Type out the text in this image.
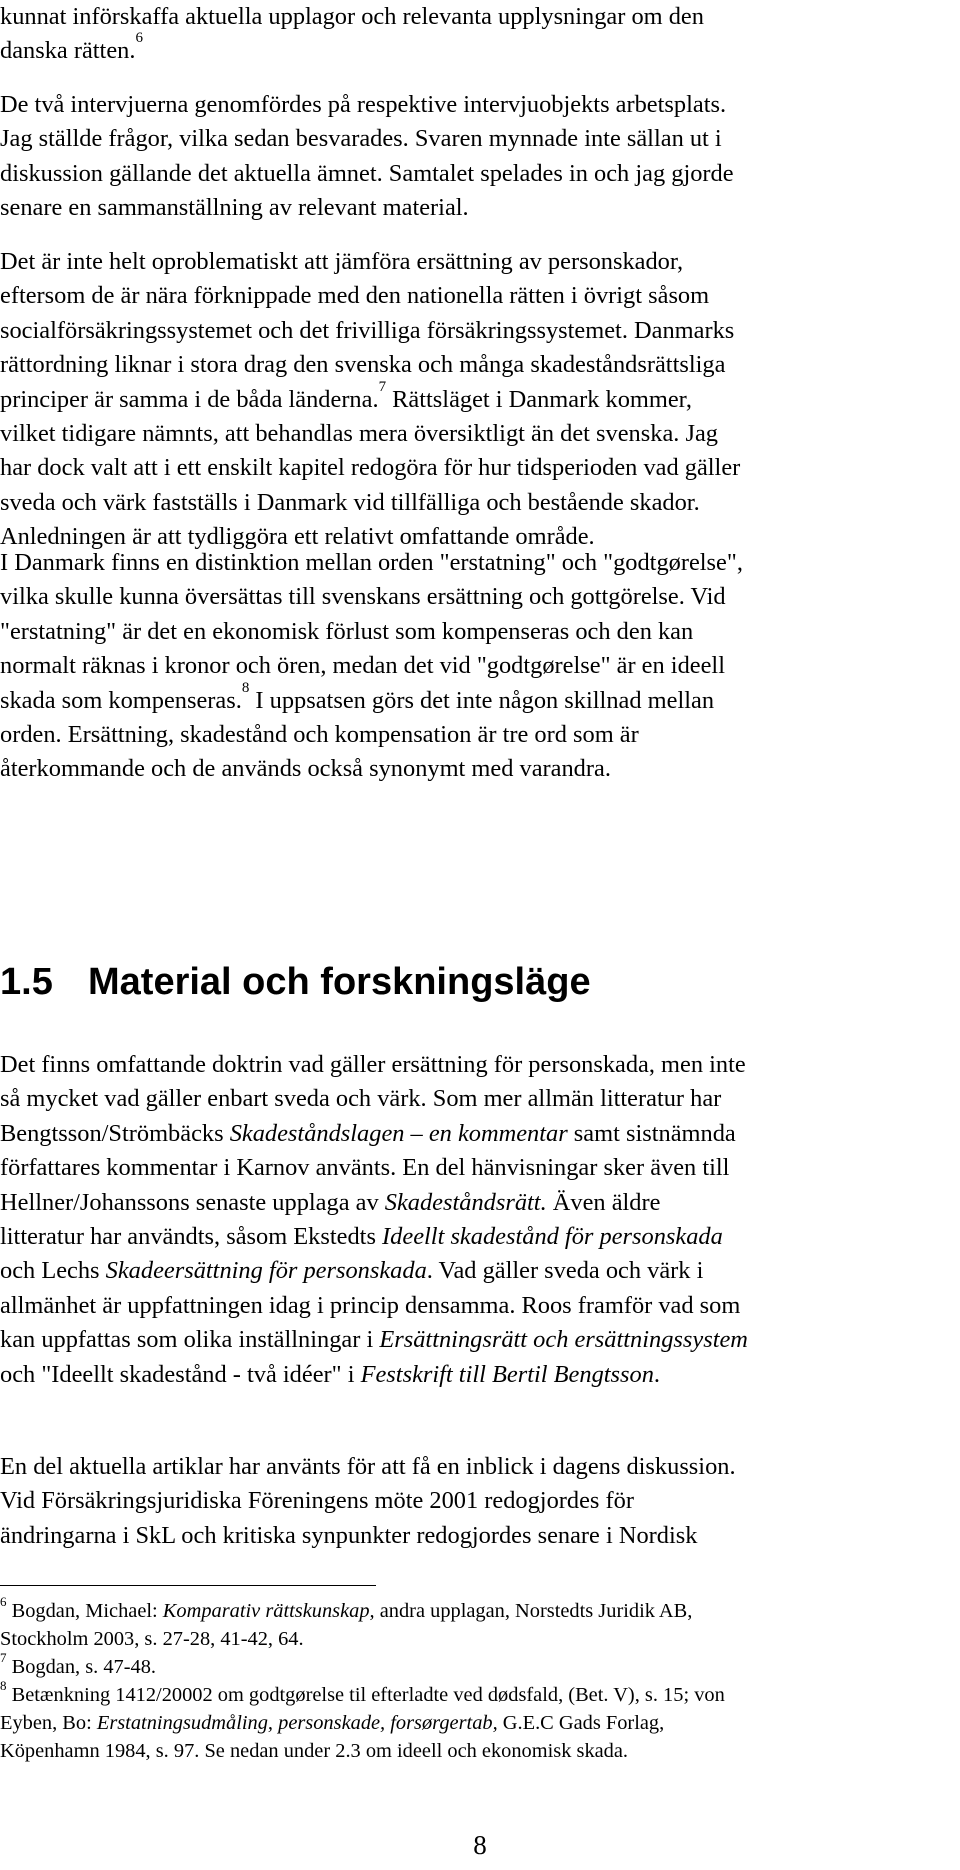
kunnat införskaffa aktuella upplagor och relevanta upplysningar om den

danska rätten.$^6$

De två intervjuerna genomfördes på respektive intervjuobjekts arbetsplats.

Jag ställde frågor, vilka sedan besvarades. Svaren mynnade inte sällan ut i

diskussion gällande det aktuella ämnet. Samtalet spelades in och jag gjorde

senare en sammanställning av relevant material.

Det är inte helt oproblematiskt att jämföra ersättning av personskador,

eftersom de är nära förknippade med den nationella rätten i övrigt såsom

socialförsäkringssystemet och det frivilliga försäkringssystemet. Danmarks

rättordning liknar i stora drag den svenska och många skadeståndsrättsliga

principer är samma i de båda länderna.$^7$ Rättsläget i Danmark kommer,

vilket tidigare nämnts, att behandlas mera översiktligt än det svenska. Jag

har dock valt att i ett enskilt kapitel redogöra för hur tidsperioden vad gäller

sveda och värk fastställs i Danmark vid tillfälliga och bestående skador.

Anledningen är att tydliggöra ett relativt omfattande område.

I Danmark finns en distinktion mellan orden "erstatning" och "godtgørelse",

vilka skulle kunna översättas till svenskans ersättning och gottgörelse. Vid

"erstatning" är det en ekonomisk förlust som kompenseras och den kan

normalt räknas i kronor och ören, medan det vid "godtgørelse" är en ideell

skada som kompenseras.$^8$ I uppsatsen görs det inte någon skillnad mellan

orden. Ersättning, skadestånd och kompensation är tre ord som är

återkommande och de används också synonymt med varandra.

1.5 Material och forskningsläge

Det finns omfattande doktrin vad gäller ersättning för personskada, men inte

så mycket vad gäller enbart sveda och värk. Som mer allmän litteratur har

Bengtsson/Strömbäcks Skadeståndslagen – en kommentar samt sistnämnda

författares kommentar i Karnov använts. En del hänvisningar sker även till

Hellner/Johanssons senaste upplaga av Skadeståndsrätt. Även äldre

litteratur har användts, såsom Ekstedts Ideellt skadestånd för personskada

och Lechs Skadeersättning för personskada. Vad gäller sveda och värk i

allmänhet är uppfattningen idag i princip densamma. Roos framför vad som

kan uppfattas som olika inställningar i Ersättningsrätt och ersättningssystem

och "Ideellt skadestånd - två idéer" i Festskrift till Bertil Bengtsson.

En del aktuella artiklar har använts för att få en inblick i dagens diskussion.

Vid Försäkringsjuridiska Föreningens möte 2001 redogjordes för

ändringarna i SkL och kritiska synpunkter redogjordes senare i Nordisk

$^6$ Bogdan, Michael: Komparativ rättskunskap, andra upplagan, Norstedts Juridik AB,

Stockholm 2003, s. 27-28, 41-42, 64.

$^7$ Bogdan, s. 47-48.

$^8$ Betænkning 1412/20002 om godtgørelse til efterladte ved dødsfald, (Bet. V), s. 15; von

Eyben, Bo: Erstatningsudmåling, personskade, forsørgertab, G.E.C Gads Forlag,

Köpenhamn 1984, s. 97. Se nedan under 2.3 om ideell och ekonomisk skada.

8
